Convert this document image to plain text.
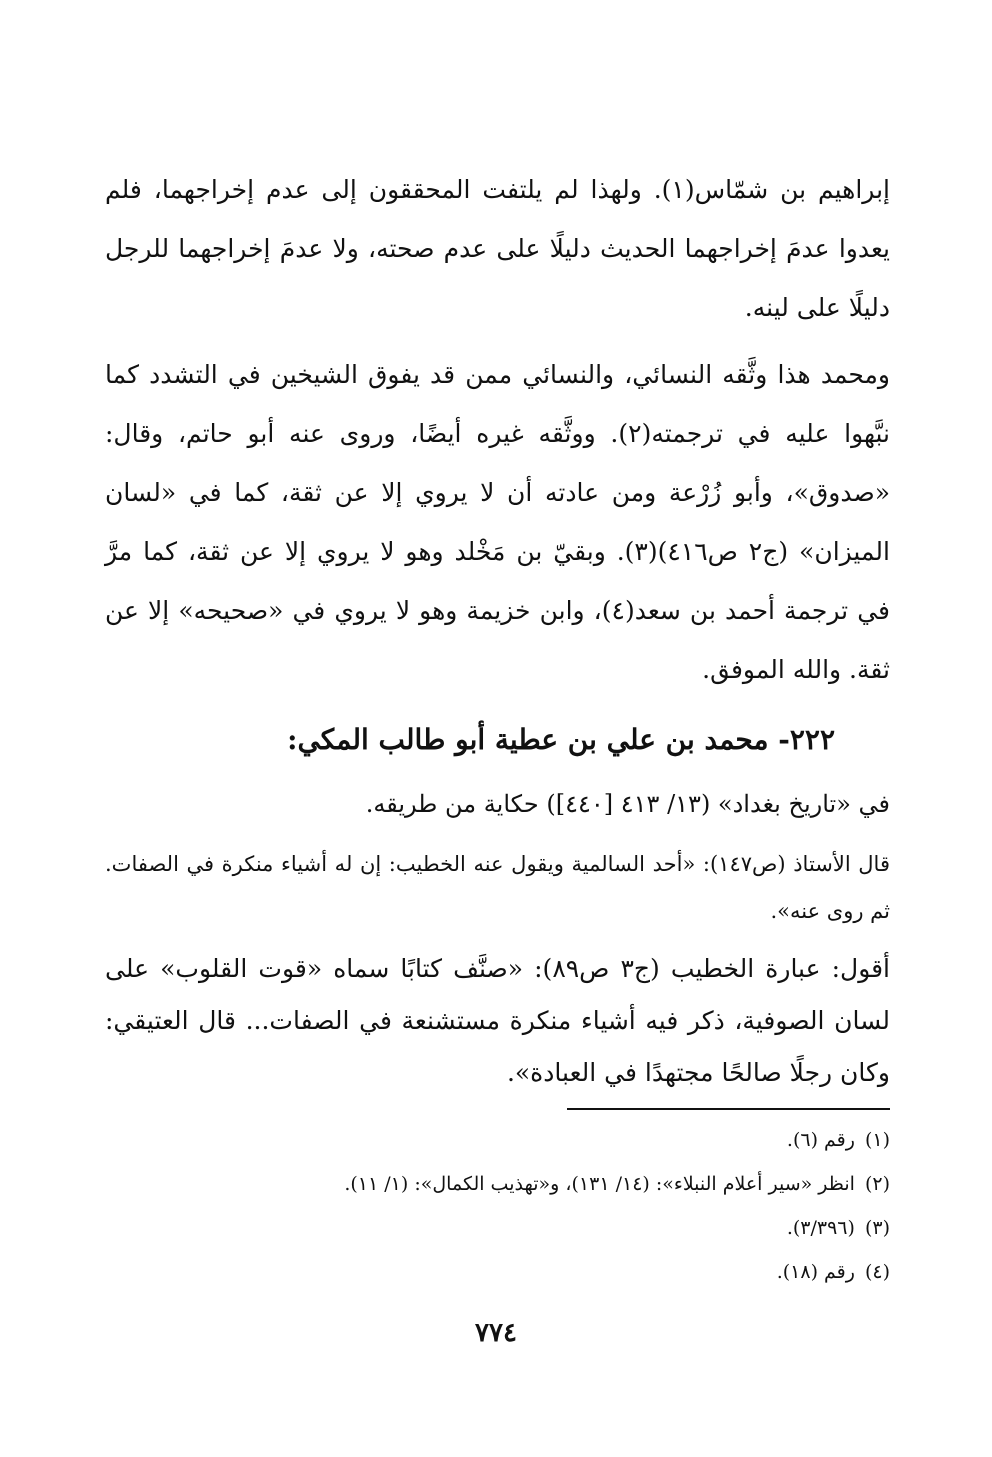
إبراهيم بن شمّاس(١). ولهذا لم يلتفت المحققون إلى عدم إخراجهما، فلم يعدوا عدمَ إخراجهما الحديث دليلًا على عدم صحته، ولا عدمَ إخراجهما للرجل دليلًا على لينه.

ومحمد هذا وثَّقه النسائي، والنسائي ممن قد يفوق الشيخين في التشدد كما نبَّهوا عليه في ترجمته(٢). ووثَّقه غيره أيضًا، وروى عنه أبو حاتم، وقال: «صدوق»، وأبو زُرْعة ومن عادته أن لا يروي إلا عن ثقة، كما في «لسان الميزان» (ج٢ ص٤١٦)(٣). وبقيّ بن مَخْلد وهو لا يروي إلا عن ثقة، كما مرَّ في ترجمة أحمد بن سعد(٤)، وابن خزيمة وهو لا يروي في «صحيحه» إلا عن ثقة. والله الموفق.

٢٢٢- محمد بن علي بن عطية أبو طالب المكي:

في «تاريخ بغداد» (١٣/ ٤١٣ [٤٤٠]) حكاية من طريقه.

قال الأستاذ (ص١٤٧): «أحد السالمية ويقول عنه الخطيب: إن له أشياء منكرة في الصفات. ثم روى عنه».

أقول: عبارة الخطيب (ج٣ ص٨٩): «صنَّف كتابًا سماه «قوت القلوب» على لسان الصوفية، ذكر فيه أشياء منكرة مستشنعة في الصفات... قال العتيقي: وكان رجلًا صالحًا مجتهدًا في العبادة».

(١)رقم (٦).

(٢)انظر «سير أعلام النبلاء»: (١٤/ ١٣١)، و«تهذيب الكمال»: (١/ ١١).

(٣)(٣/٣٩٦).

(٤)رقم (١٨).

٧٧٤
